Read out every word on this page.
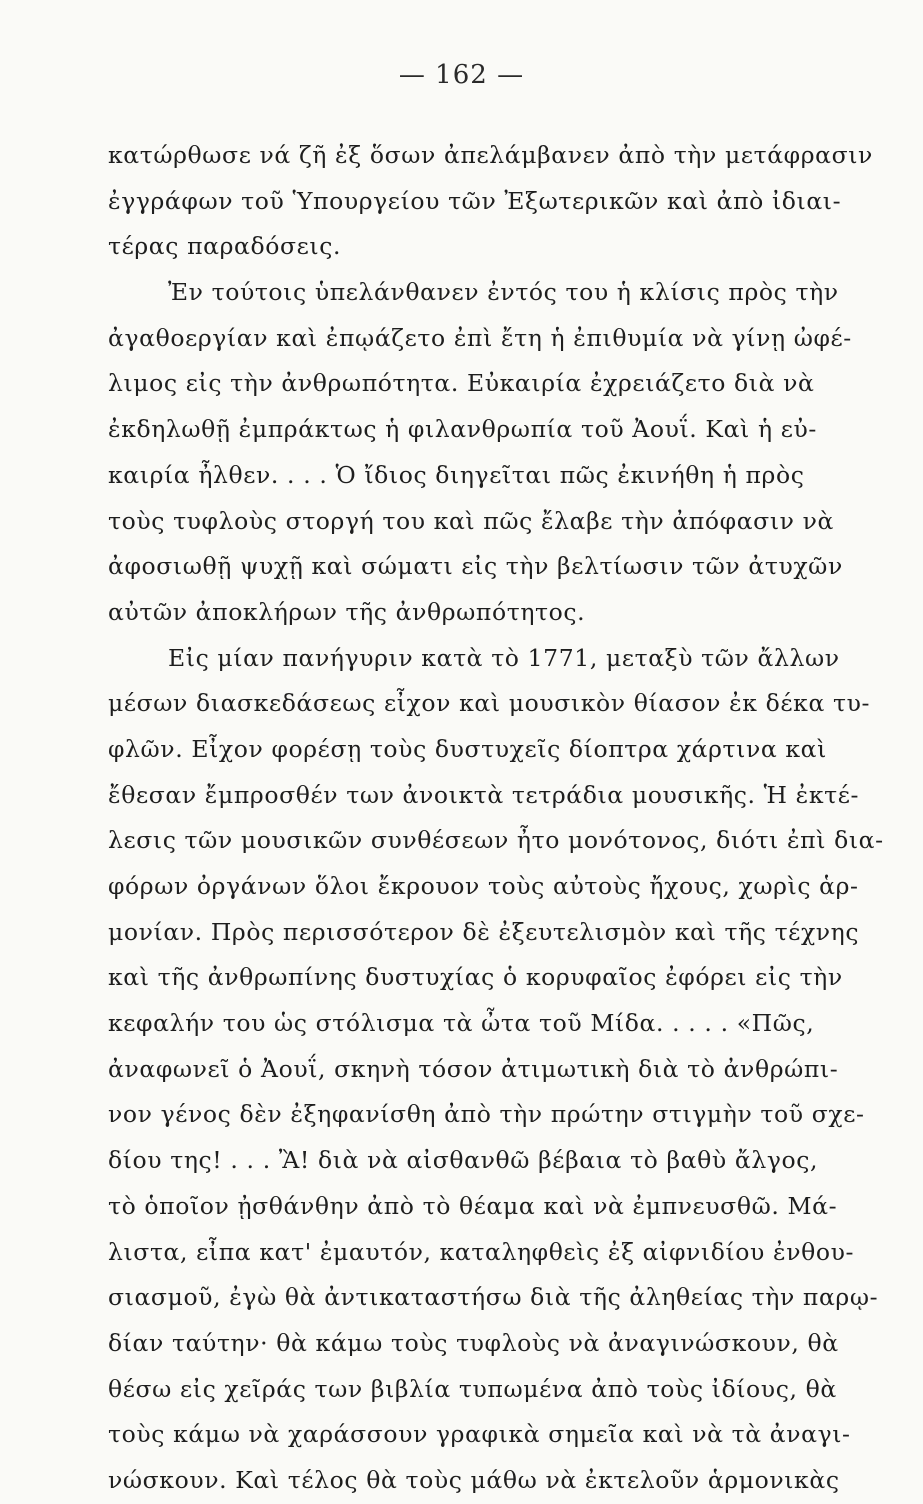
— 162 —
κατώρθωσε νά ζῆ ἐξ ὅσων ἀπελάμβανεν ἀπὸ τὴν μετάφρασιν
ἐγγράφων τοῦ Ὑπουργείου τῶν Ἐξωτερικῶν καὶ ἀπὸ ἰδιαι-
τέρας παραδόσεις.
Ἐν τούτοις ὑπελάνθανεν ἐντός του ἡ κλίσις πρὸς τὴν
ἀγαθοεργίαν καὶ ἐπῳάζετο ἐπὶ ἔτη ἡ ἐπιθυμία νὰ γίνῃ ὠφέ-
λιμος εἰς τὴν ἀνθρωπότητα. Εὐκαιρία ἐχρειάζετο διὰ νὰ
ἐκδηλωθῇ ἐμπράκτως ἡ φιλανθρωπία τοῦ Ἀουΐ. Καὶ ἡ εὐ-
καιρία ἦλθεν. . . . Ὁ ἴδιος διηγεῖται πῶς ἐκινήθη ἡ πρὸς
τοὺς τυφλοὺς στοργή του καὶ πῶς ἔλαβε τὴν ἀπόφασιν νὰ
ἀφοσιωθῇ ψυχῇ καὶ σώματι εἰς τὴν βελτίωσιν τῶν ἀτυχῶν
αὐτῶν ἀποκλήρων τῆς ἀνθρωπότητος.
Εἰς μίαν πανήγυριν κατὰ τὸ 1771, μεταξὺ τῶν ἄλλων
μέσων διασκεδάσεως εἶχον καὶ μουσικὸν θίασον ἐκ δέκα τυ-
φλῶν. Εἶχον φορέσῃ τοὺς δυστυχεῖς δίοπτρα χάρτινα καὶ
ἔθεσαν ἔμπροσθέν των ἀνοικτὰ τετράδια μουσικῆς. Ἡ ἐκτέ-
λεσις τῶν μουσικῶν συνθέσεων ἦτο μονότονος, διότι ἐπὶ δια-
φόρων ὀργάνων ὅλοι ἔκρουον τοὺς αὐτοὺς ἤχους, χωρὶς ἁρ-
μονίαν. Πρὸς περισσότερον δὲ ἐξευτελισμὸν καὶ τῆς τέχνης
καὶ τῆς ἀνθρωπίνης δυστυχίας ὁ κορυφαῖος ἐφόρει εἰς τὴν
κεφαλήν του ὡς στόλισμα τὰ ὦτα τοῦ Μίδα. . . . . «Πῶς,
ἀναφωνεῖ ὁ Ἀουΐ, σκηνὴ τόσον ἀτιμωτικὴ διὰ τὸ ἀνθρώπι-
νον γένος δὲν ἐξηφανίσθη ἀπὸ τὴν πρώτην στιγμὴν τοῦ σχε-
δίου της! . . . Ἂ! διὰ νὰ αἰσθανθῶ βέβαια τὸ βαθὺ ἄλγος,
τὸ ὁποῖον ᾐσθάνθην ἀπὸ τὸ θέαμα καὶ νὰ ἐμπνευσθῶ. Μά-
λιστα, εἶπα κατ' ἐμαυτόν, καταληφθεὶς ἐξ αἰφνιδίου ἐνθου-
σιασμοῦ, ἐγὼ θὰ ἀντικαταστήσω διὰ τῆς ἀληθείας τὴν παρῳ-
δίαν ταύτην· θὰ κάμω τοὺς τυφλοὺς νὰ ἀναγινώσκουν, θὰ
θέσω εἰς χεῖράς των βιβλία τυπωμένα ἀπὸ τοὺς ἰδίους, θὰ
τοὺς κάμω νὰ χαράσσουν γραφικὰ σημεῖα καὶ νὰ τὰ ἀναγι-
νώσκουν. Καὶ τέλος θὰ τοὺς μάθω νὰ ἐκτελοῦν ἁρμονικὰς
